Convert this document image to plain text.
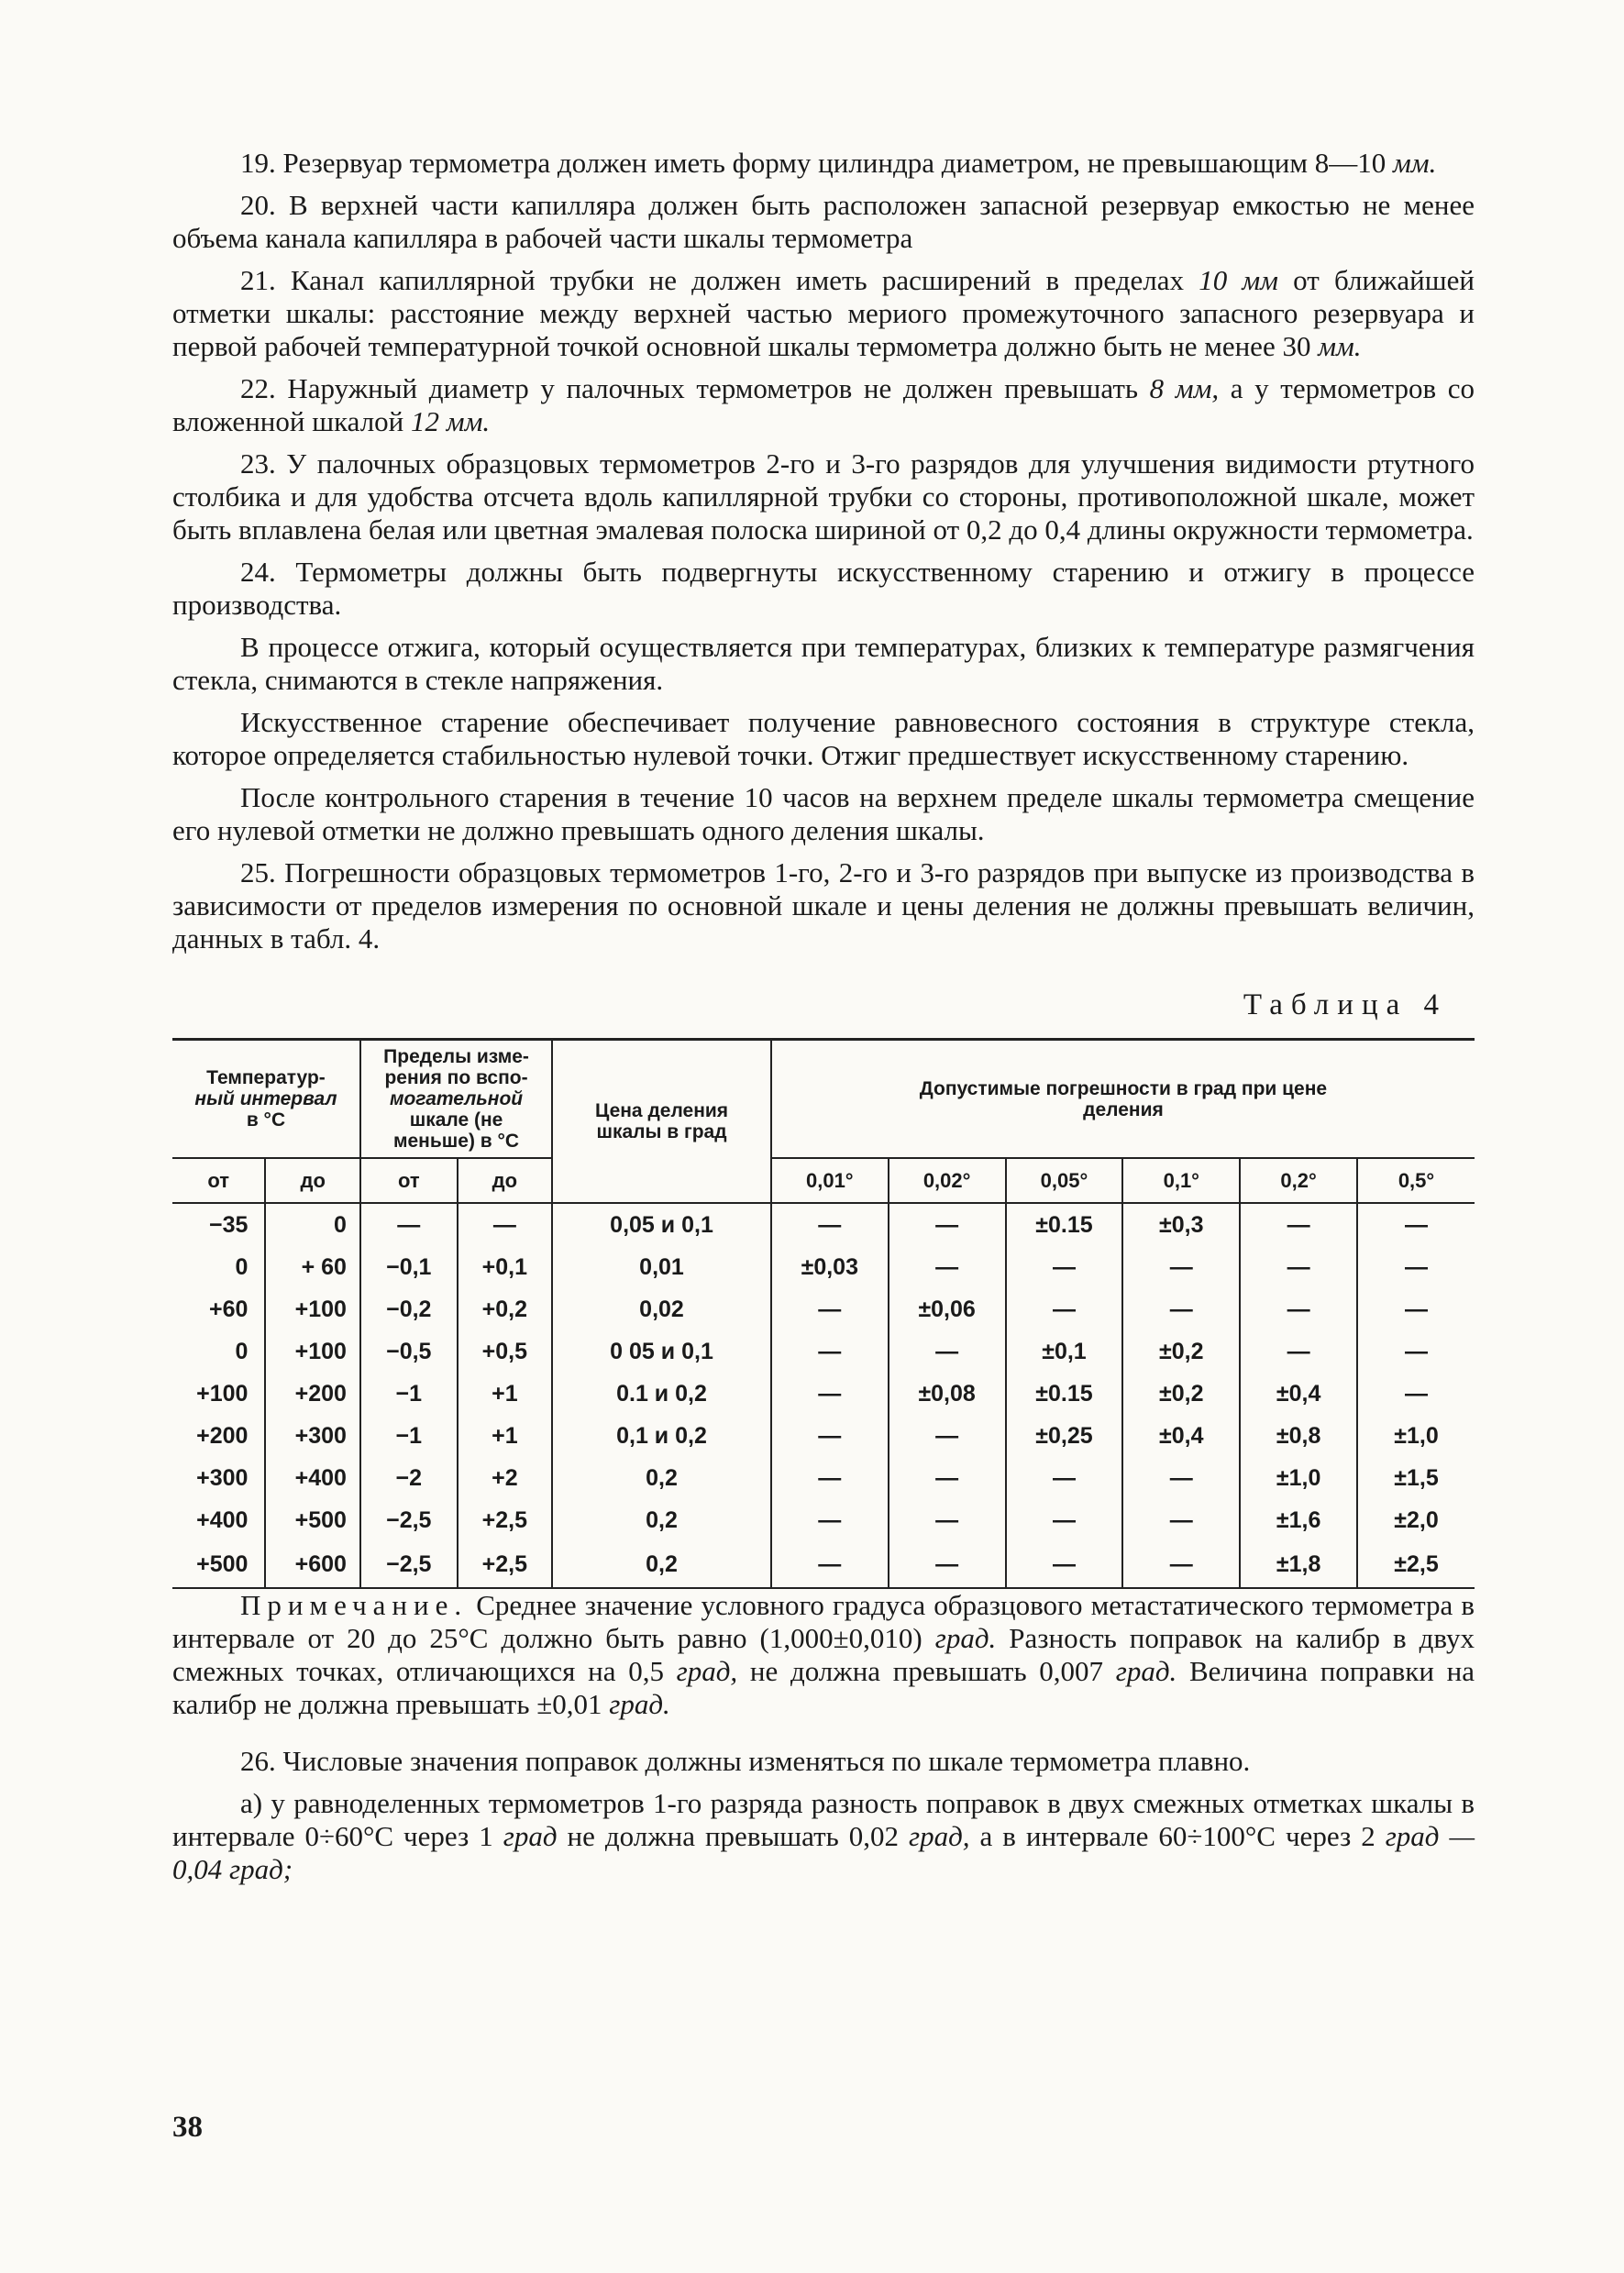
19. Резервуар термометра должен иметь форму цилиндра диаметром, не превышающим 8—10 мм.

20. В верхней части капилляра должен быть расположен запасной резервуар емкостью не менее объема канала капилляра в рабочей части шкалы термометра

21. Канал капиллярной трубки не должен иметь расширений в пределах 10 мм от ближайшей отметки шкалы: расстояние между верхней частью мериого промежуточного запасного резервуара и первой рабочей температурной точкой основной шкалы термометра должно быть не менее 30 мм.

22. Наружный диаметр у палочных термометров не должен превышать 8 мм, а у термометров со вложенной шкалой 12 мм.

23. У палочных образцовых термометров 2-го и 3-го разрядов для улучшения видимости ртутного столбика и для удобства отсчета вдоль капиллярной трубки со стороны, противоположной шкале, может быть вплавлена белая или цветная эмалевая полоска шириной от 0,2 до 0,4 длины окружности термометра.

24. Термометры должны быть подвергнуты искусственному старению и отжигу в процессе производства.

В процессе отжига, который осуществляется при температурах, близких к температуре размягчения стекла, снимаются в стекле напряжения.

Искусственное старение обеспечивает получение равновесного состояния в структуре стекла, которое определяется стабильностью нулевой точки. Отжиг предшествует искусственному старению.

После контрольного старения в течение 10 часов на верхнем пределе шкалы термометра смещение его нулевой отметки не должно превышать одного деления шкалы.

25. Погрешности образцовых термометров 1-го, 2-го и 3-го разрядов при выпуске из производства в зависимости от пределов измерения по основной шкале и цены деления не должны превышать величин, данных в табл. 4.

Таблица 4
Температур-
ный интервал
в °С		Пределы изме-
рения по вспо-
могательной
шкале (не
меньше) в °С		Цена деления
шкалы в град	Допустимые погрешности в град при цене
деления					
от	до	от	до		0,01°	0,02°	0,05°	0,1°	0,2°	0,5°
−35	0	—	—	0,05 и 0,1	—	—	±0.15	±0,3	—	—
0	+ 60	−0,1	+0,1	0,01	±0,03	—	—	—	—	—
+60	+100	−0,2	+0,2	0,02	—	±0,06	—	—	—	—
0	+100	−0,5	+0,5	0 05 и 0,1	—	—	±0,1	±0,2	—	—
+100	+200	−1	+1	0.1 и 0,2	—	±0,08	±0.15	±0,2	±0,4	—
+200	+300	−1	+1	0,1 и 0,2	—	—	±0,25	±0,4	±0,8	±1,0
+300	+400	−2	+2	0,2	—	—	—	—	±1,0	±1,5
+400	+500	−2,5	+2,5	0,2	—	—	—	—	±1,6	±2,0
+500	+600	−2,5	+2,5	0,2	—	—	—	—	±1,8	±2,5

Примечание. Среднее значение условного градуса образцового метастатического термометра в интервале от 20 до 25°С должно быть равно (1,000±0,010) град. Разность поправок на калибр в двух смежных точках, отличающихся на 0,5 град, не должна превышать 0,007 град. Величина поправки на калибр не должна превышать ±0,01 град.

26. Числовые значения поправок должны изменяться по шкале термометра плавно.

а) у равноделенных термометров 1-го разряда разность поправок в двух смежных отметках шкалы в интервале 0÷60°С через 1 град не должна превышать 0,02 град, а в интервале 60÷100°С через 2 град — 0,04 град;

38
